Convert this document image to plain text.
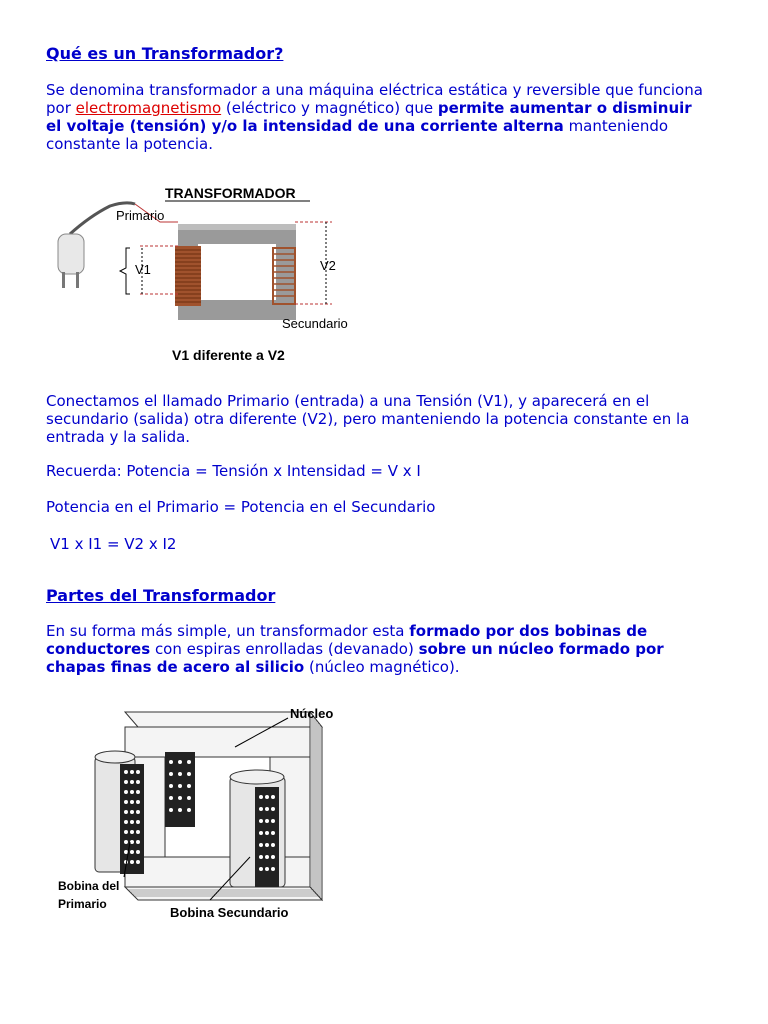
Qué es un Transformador?
Se denomina transformador a una máquina eléctrica estática y reversible que funciona por electromagnetismo (eléctrico y magnético) que permite aumentar o disminuir el voltaje (tensión) y/o la intensidad de una corriente alterna manteniendo constante la potencia.
TRANSFORMADOR
Primario
V1	V2
Secundario
V1 diferente a V2
Conectamos el llamado Primario (entrada) a una Tensión (V1), y aparecerá en el secundario (salida) otra diferente (V2), pero manteniendo la potencia constante en la entrada y la salida.
Recuerda: Potencia = Tensión x Intensidad = V x I
Potencia en el Primario = Potencia en el Secundario
V1 x I1 = V2 x I2
Partes del Transformador
En su forma más simple, un transformador esta formado por dos bobinas de conductores con espiras enrolladas (devanado) sobre un núcleo formado por chapas finas de acero al silicio (núcleo magnético).
Núcleo
Bobina del
Primario
Bobina Secundario
